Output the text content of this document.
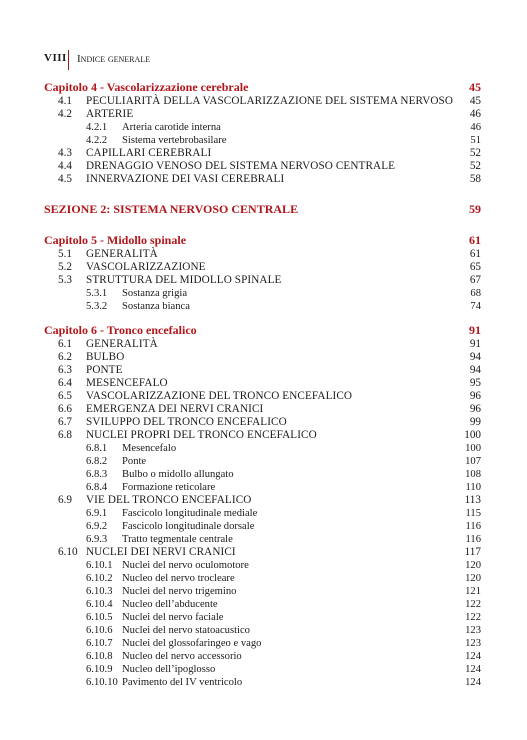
VIII Indice generale
Capitolo 4 - Vascolarizzazione cerebrale	45
4.1 PECULIARITÀ DELLA VASCOLARIZZAZIONE DEL SISTEMA NERVOSO 45
4.2 ARTERIE	46
4.2.1 Arteria carotide interna	46
4.2.2 Sistema vertebrobasilare	51
4.3 CAPILLARI CEREBRALI	52
4.4 DRENAGGIO VENOSO DEL SISTEMA NERVOSO CENTRALE	52
4.5 INNERVAZIONE DEI VASI CEREBRALI	58
SEZIONE 2: SISTEMA NERVOSO CENTRALE	59
Capitolo 5 - Midollo spinale	61
5.1 GENERALITÀ	61
5.2 VASCOLARIZZAZIONE	65
5.3 STRUTTURA DEL MIDOLLO SPINALE	67
5.3.1 Sostanza grigia	68
5.3.2 Sostanza bianca	74
Capitolo 6 - Tronco encefalico	91
6.1 GENERALITÀ	91
6.2 BULBO	94
6.3 PONTE	94
6.4 MESENCEFALO	95
6.5 VASCOLARIZZAZIONE DEL TRONCO ENCEFALICO	96
6.6 EMERGENZA DEI NERVI CRANICI	96
6.7 SVILUPPO DEL TRONCO ENCEFALICO	99
6.8 NUCLEI PROPRI DEL TRONCO ENCEFALICO	100
6.8.1 Mesencefalo	100
6.8.2 Ponte	107
6.8.3 Bulbo o midollo allungato	108
6.8.4 Formazione reticolare	110
6.9 VIE DEL TRONCO ENCEFALICO	113
6.9.1 Fascicolo longitudinale mediale	115
6.9.2 Fascicolo longitudinale dorsale	116
6.9.3 Tratto tegmentale centrale	116
6.10 NUCLEI DEI NERVI CRANICI	117
6.10.1 Nuclei del nervo oculomotore	120
6.10.2 Nucleo del nervo trocleare	120
6.10.3 Nuclei del nervo trigemino	121
6.10.4 Nucleo dell’abducente	122
6.10.5 Nuclei del nervo faciale	122
6.10.6 Nuclei del nervo statoacustico	123
6.10.7 Nuclei del glossofaringeo e vago	123
6.10.8 Nucleo del nervo accessorio	124
6.10.9 Nucleo dell’ipoglosso	124
6.10.10 Pavimento del IV ventricolo	124
